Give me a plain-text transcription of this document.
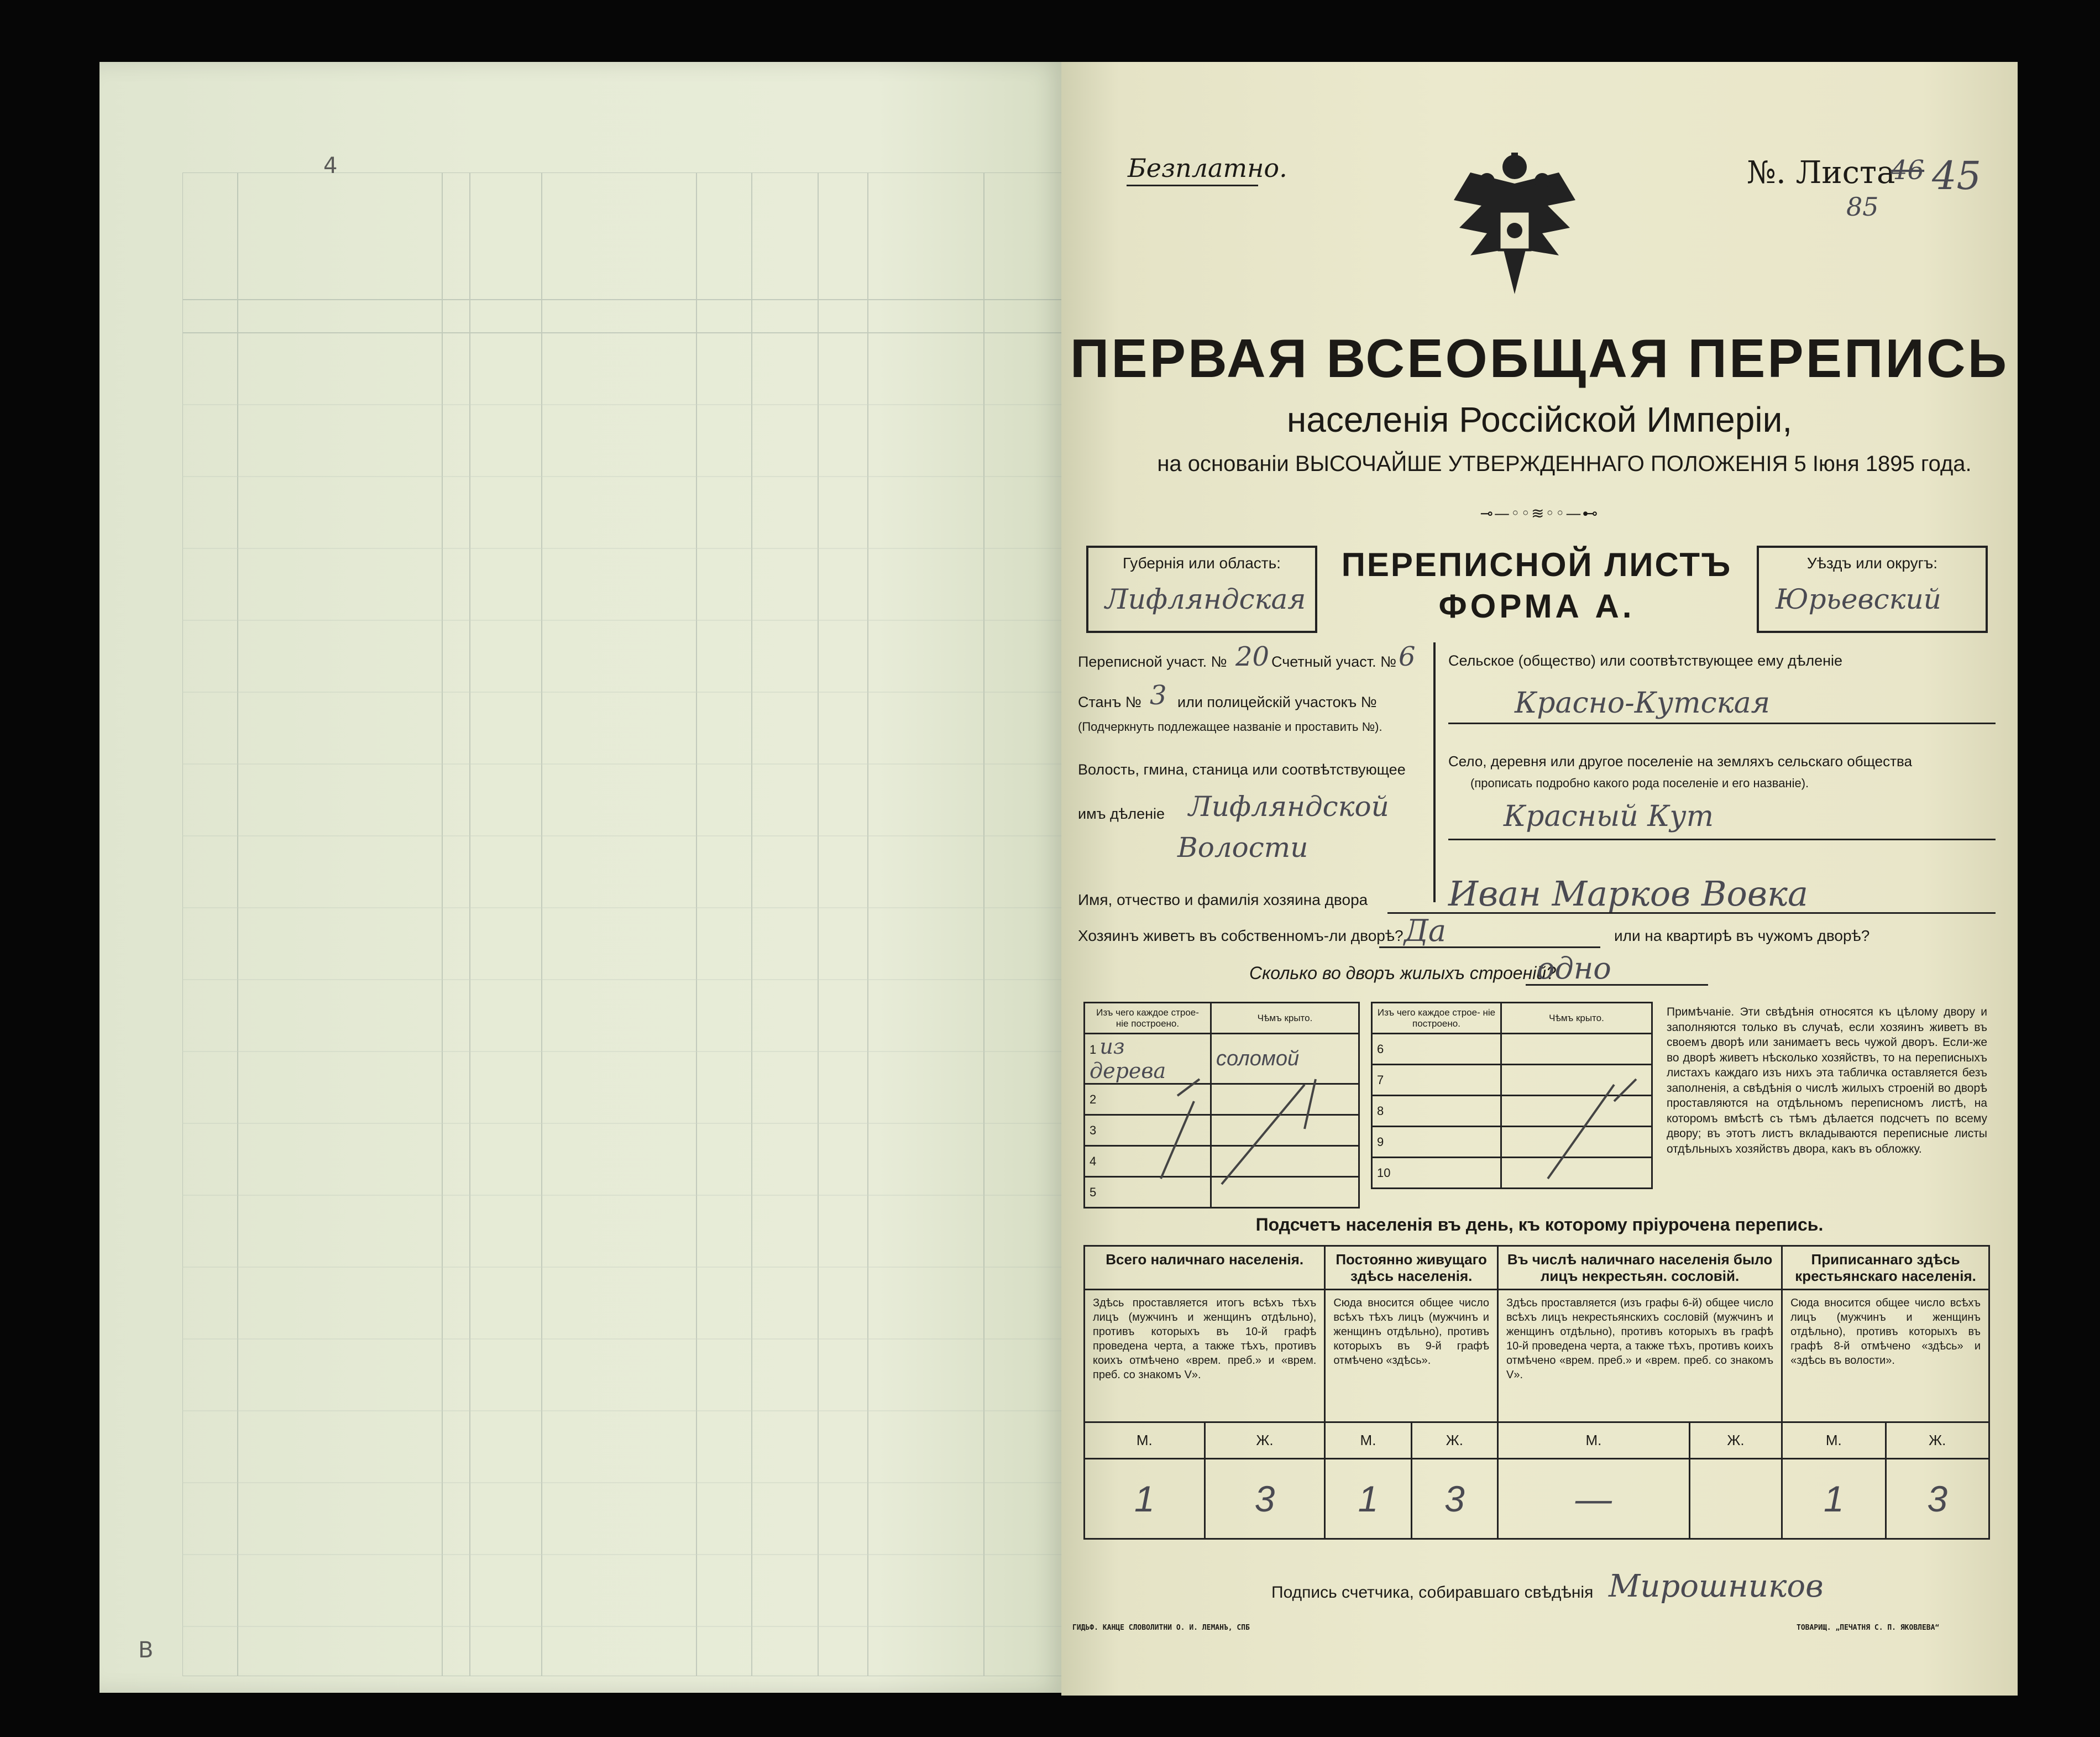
4
B
Безплатно.	№. Листа
46
85
45
ПЕРВАЯ ВСЕОБЩАЯ ПЕРЕПИСЬ
населенія Россійской Имперіи,
на основаніи ВЫСОЧАЙШЕ УТВЕРЖДЕННАГО ПОЛОЖЕНІЯ 5 Іюня 1895 года.
⊸—◦◦≋◦◦—⊷
Губернія или область:
Лифляндская
ПЕРЕПИСНОЙ ЛИСТЪ
ФОРМА А.
Уѣздъ или округъ:
Юрьевский
Переписной участ. № 20 Счетный участ. № 6
Станъ № 3 или полицейскій участокъ №
(Подчеркнуть подлежащее названіе и проставить №).
Волость, гмина, станица или соотвѣтствующее
имъ дѣленіе Лифляндской
Волости
Сельское (общество) или соотвѣтствующее ему дѣленіе
Красно-Кутская
Село, деревня или другое поселеніе на земляхъ сельскаго общества
(прописать подробно какого рода поселеніе и его названіе).
Красный Кут
Имя, отчество и фамилія хозяина двора Иван Марков Вовка
Хозяинъ живетъ въ собственномъ-ли дворѣ? Да	или на квартирѣ въ чужомъ дворѣ?
Сколько во дворъ жилыхъ строеній?
одно
Изъ чего каждое строе- ніе построено.	Чѣмъ крыто.
1 из дерева	соломой
2	
3	
4	
5	
Изъ чего каждое строе- ніе построено.	Чѣмъ крыто.
6	
7	
8	
9	
10	
Примѣчаніе. Эти свѣдѣнія относятся къ цѣлому двору и заполняются только въ случаѣ, если хозяинъ живетъ въ своемъ дворѣ или занимаетъ весь чужой дворъ. Если-же во дворѣ живетъ нѣсколько хозяйствъ, то на переписныхъ листахъ каждаго изъ нихъ эта табличка оставляется безъ заполненія, а свѣдѣнія о числѣ жилыхъ строеній во дворѣ проставляются на отдѣльномъ переписномъ листѣ, на которомъ вмѣстѣ съ тѣмъ дѣлается подсчетъ по всему двору; въ этотъ листъ вкладываются переписные листы отдѣльныхъ хозяйствъ двора, какъ въ обложку.
Подсчетъ населенія въ день, къ которому пріурочена перепись.
Всего наличнаго населенія.		Постоянно живущаго здѣсь населенія.		Въ числѣ наличнаго населенія было лицъ некрестьян. сословій.		Приписаннаго здѣсь крестьянскаго населенія.	
Здѣсь проставляется итогъ всѣхъ тѣхъ лицъ (мужчинъ и женщинъ отдѣльно), противъ которыхъ въ 10-й графѣ проведена черта, а также тѣхъ, противъ коихъ отмѣчено «врем. преб.» и «врем. преб. со знакомъ V».		Сюда вносится общее число всѣхъ тѣхъ лицъ (мужчинъ и женщинъ отдѣльно), противъ которыхъ въ 9-й графѣ отмѣчено «здѣсь».		Здѣсь проставляется (изъ графы 6-й) общее число всѣхъ лицъ некрестьянскихъ сословій (мужчинъ и женщинъ отдѣльно), противъ которыхъ въ графѣ 10-й проведена черта, а также тѣхъ, противъ коихъ отмѣчено «врем. преб.» и «врем. преб. со знакомъ V».		Сюда вносится общее число всѣхъ лицъ (мужчинъ и женщинъ отдѣльно), противъ которыхъ въ графѣ 8-й отмѣчено «здѣсь» и «здѣсь въ волости».	
М.	Ж.	М.	Ж.	М.	Ж.	М.	Ж.
1	3	1	3	—		1	3
Подпись счетчика, собиравшаго свѣдѣнія Мирошников
ГИДЬФ. КАНЦЕ СЛОВОЛИТНИ О. И. ЛЕМАНЪ, СПБ	ТОВАРИЩ. „ПЕЧАТНЯ С. П. ЯКОВЛЕВА“
